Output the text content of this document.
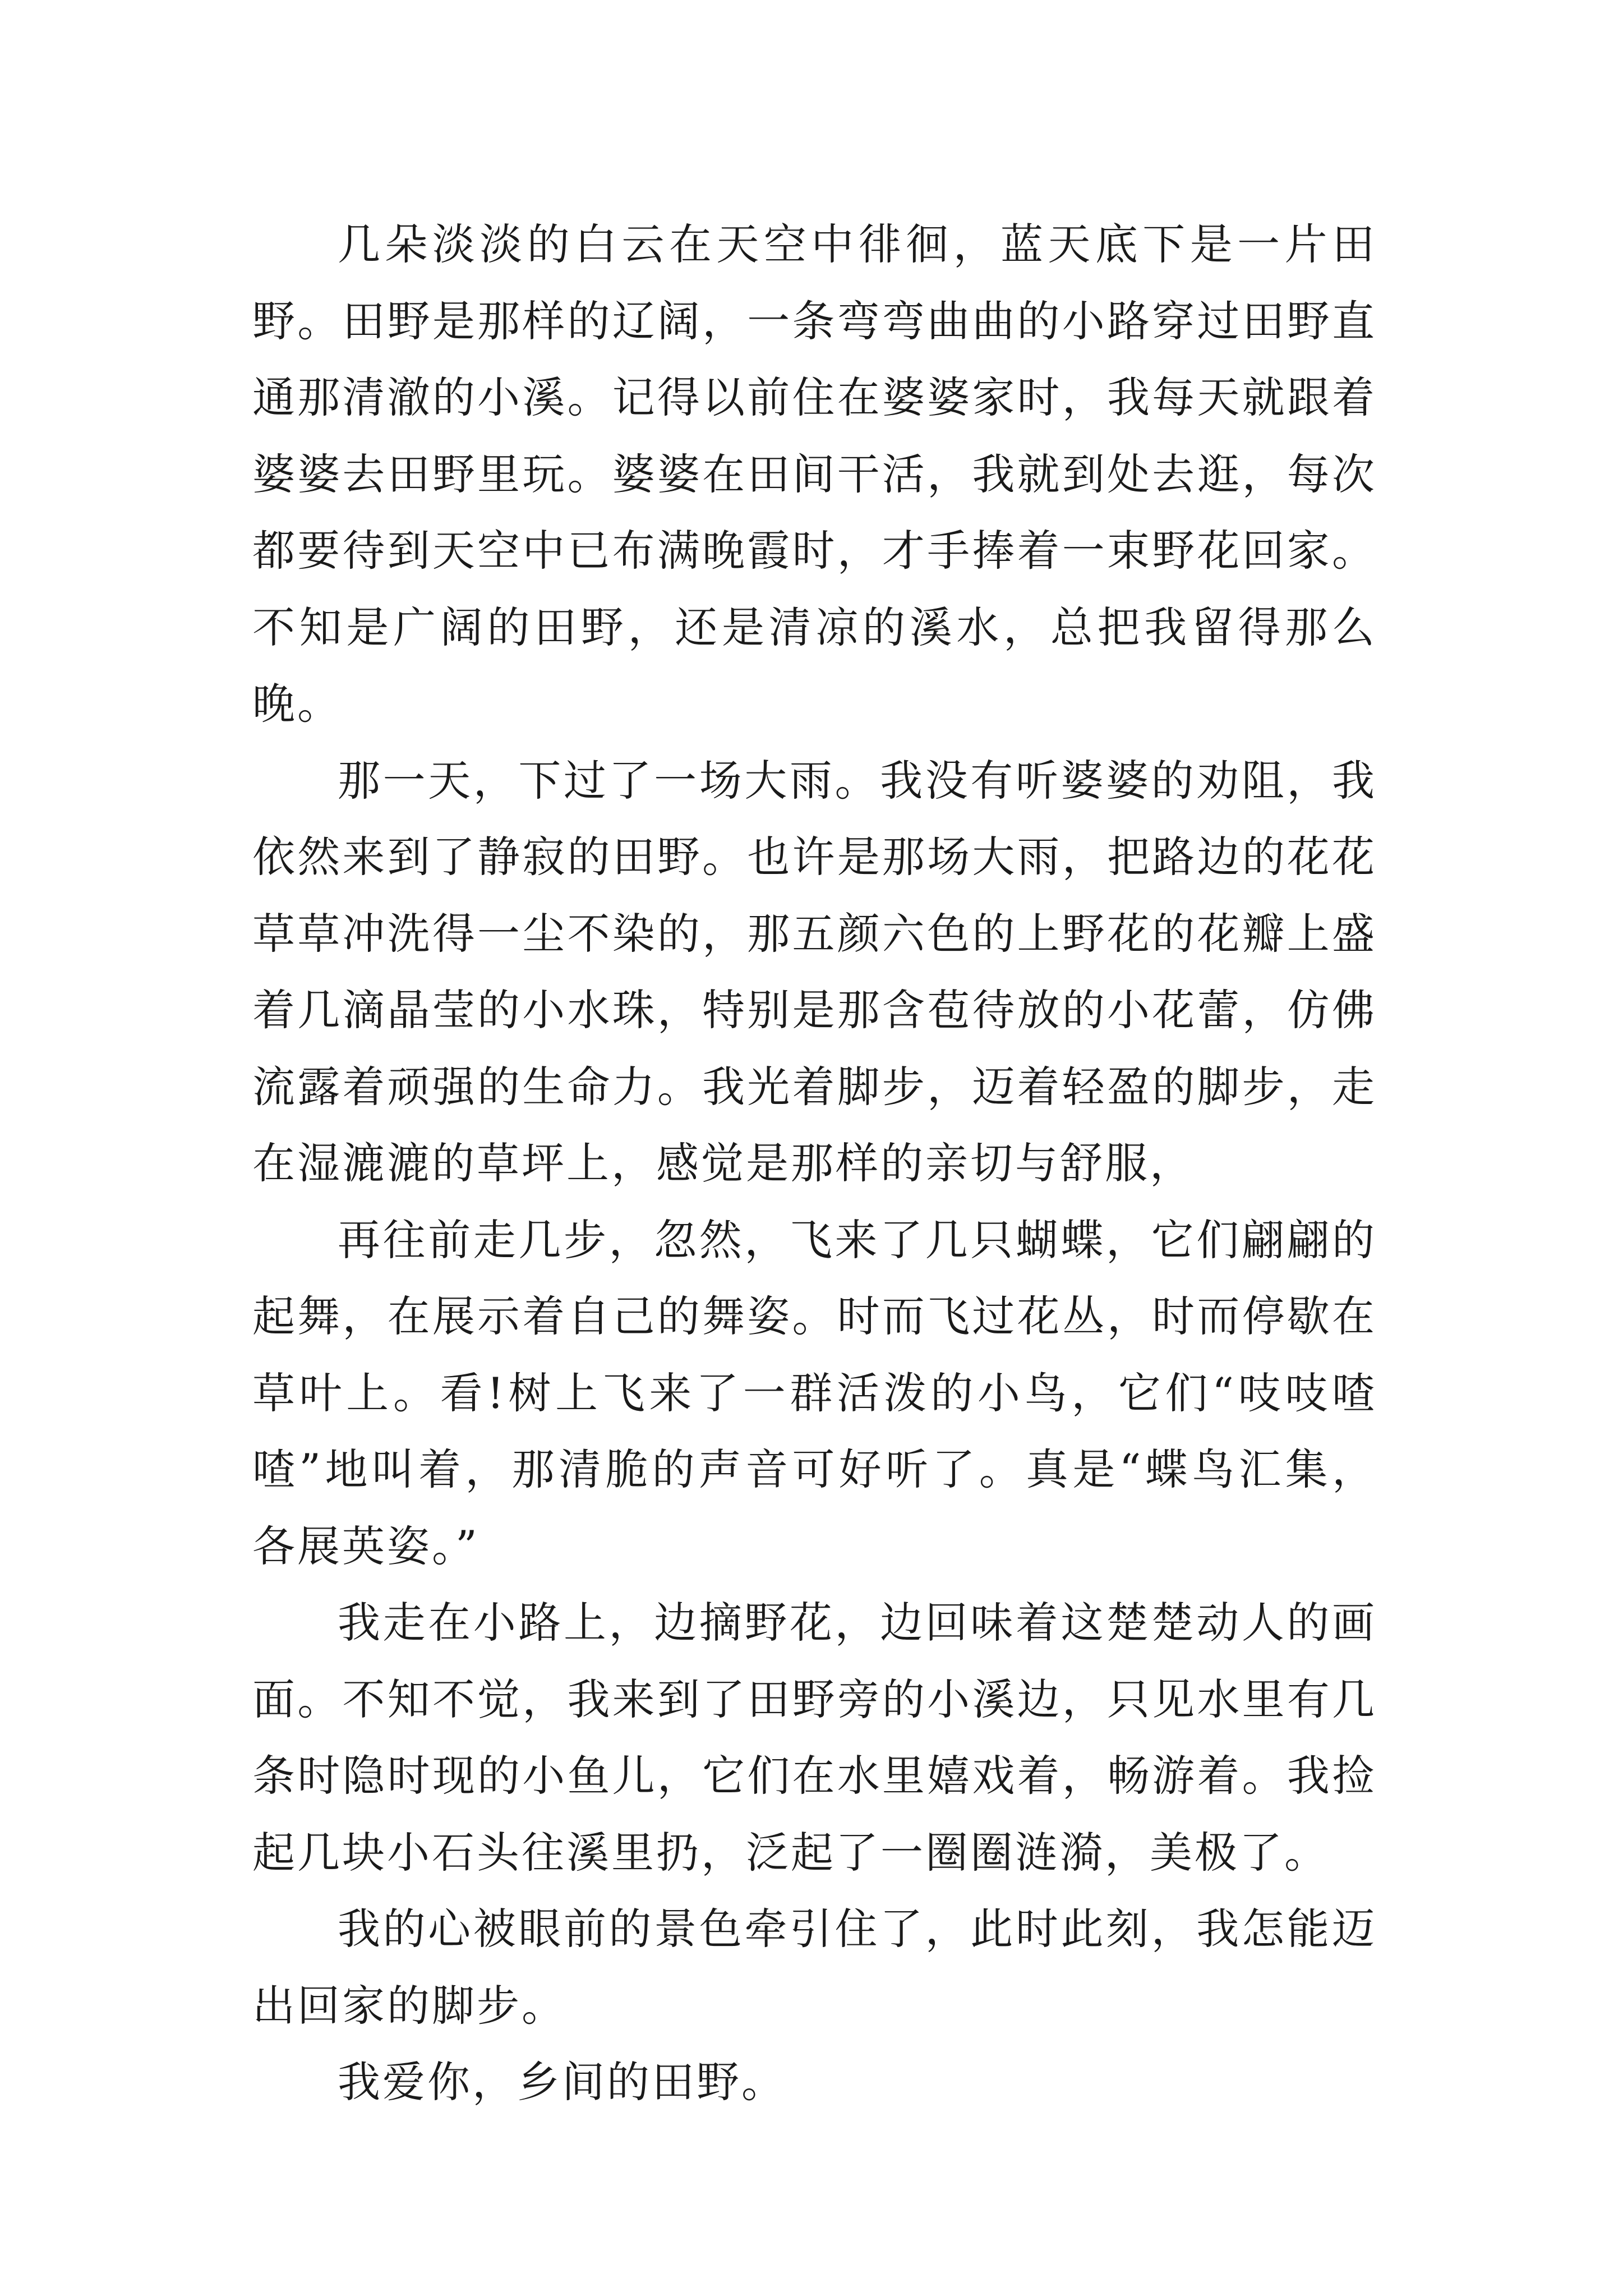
几朵淡淡的白云在天空中徘徊，蓝天底下是一片田野。田野是那样的辽阔，一条弯弯曲曲的小路穿过田野直通那清澈的小溪。记得以前住在婆婆家时，我每天就跟着婆婆去田野里玩。婆婆在田间干活，我就到处去逛，每次都要待到天空中已布满晚霞时，才手捧着一束野花回家。不知是广阔的田野，还是清凉的溪水，总把我留得那么晚。

那一天，下过了一场大雨。我没有听婆婆的劝阻，我依然来到了静寂的田野。也许是那场大雨，把路边的花花草草冲洗得一尘不染的，那五颜六色的上野花的花瓣上盛着几滴晶莹的小水珠，特别是那含苞待放的小花蕾，仿佛流露着顽强的生命力。我光着脚步，迈着轻盈的脚步，走在湿漉漉的草坪上，感觉是那样的亲切与舒服，

再往前走几步，忽然，飞来了几只蝴蝶，它们翩翩的起舞，在展示着自己的舞姿。时而飞过花丛，时而停歇在草叶上。看!树上飞来了一群活泼的小鸟，它们“吱吱喳喳”地叫着，那清脆的声音可好听了。真是“蝶鸟汇集，各展英姿。”

我走在小路上，边摘野花，边回味着这楚楚动人的画面。不知不觉，我来到了田野旁的小溪边，只见水里有几条时隐时现的小鱼儿，它们在水里嬉戏着，畅游着。我捡起几块小石头往溪里扔，泛起了一圈圈涟漪，美极了。

我的心被眼前的景色牵引住了，此时此刻，我怎能迈出回家的脚步。

我爱你，乡间的田野。
